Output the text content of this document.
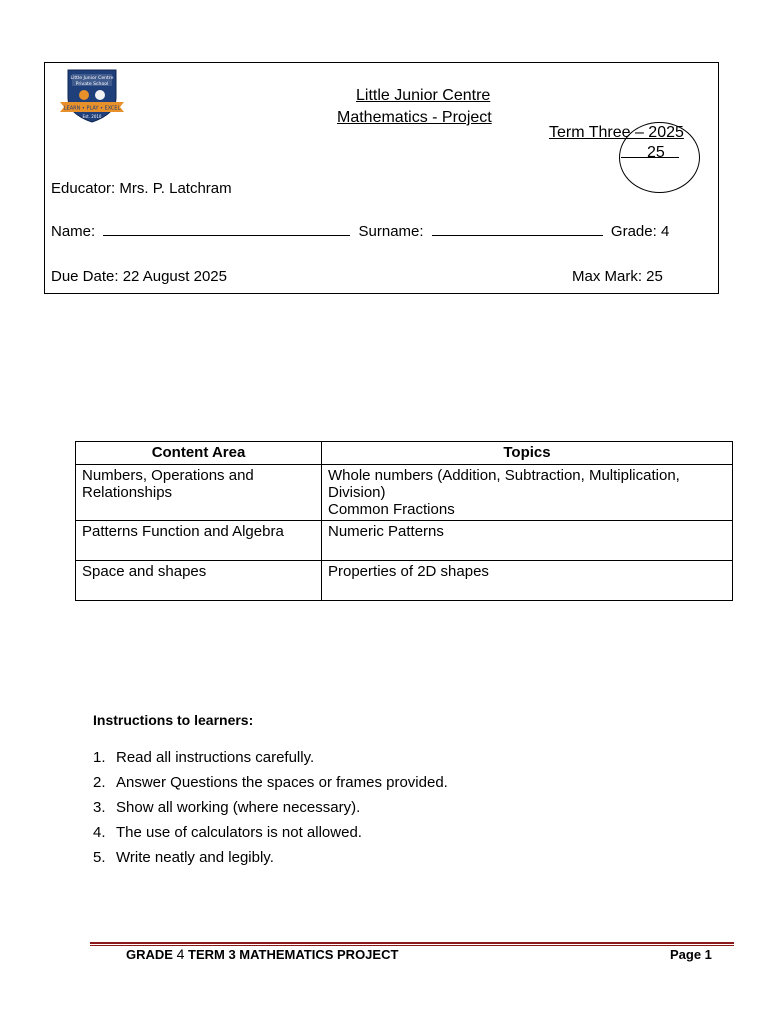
Little Junior Centre
Private School
LEARN • PLAY • EXCEL
Est. 2010
Little Junior Centre
Mathematics - Project
Term Three – 2025
25
Educator: Mrs. P. Latchram
Name:	Surname:	Grade: 4
Due Date: 22 August 2025	Max Mark: 25
Content Area	Topics
Numbers, Operations and Relationships	Whole numbers (Addition, Subtraction, Multiplication, Division)
Common Fractions

Patterns Function and Algebra	Numeric Patterns

Space and shapes	Properties of 2D shapes
Instructions to learners:
Read all instructions carefully.
Answer Questions the spaces or frames provided.
Show all working (where necessary).
The use of calculators is not allowed.
Write neatly and legibly.
GRADE 4 TERM 3 MATHEMATICS PROJECT	Page 1
